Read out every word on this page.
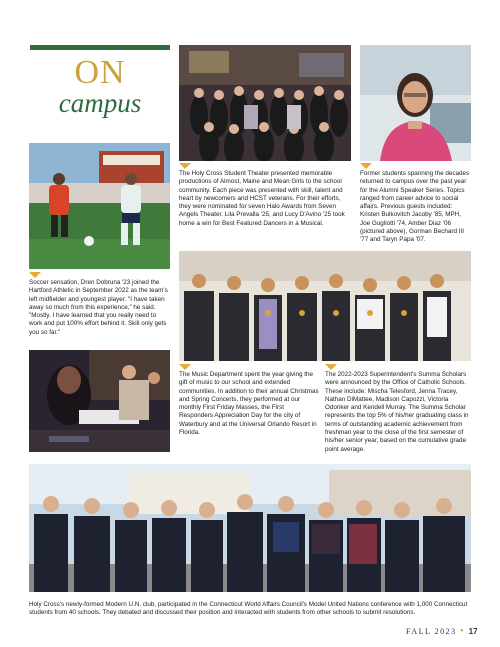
ON
campus

The Holy Cross Student Theater presented memorable productions of Almost, Maine and Mean Girls to the school community. Each piece was presented with skill, talent and heart by newcomers and HCST veterans. For their efforts, they were nominated for seven Halo Awards from Seven Angels Theater. Lila Prevalla '25, and Lucy D'Avino '25 took home a win for Best Featured Dancers in a Musical.

Former students spanning the decades returned to campus over the past year for the Alumni Speaker Series. Topics ranged from career advice to social affairs. Previous guests included: Kristen Bulkovitch Jacoby '85, MPH, Joe Gugliotti '74, Amber Diaz '06 (pictured above), Gorman Bechard III '77 and Taryn Papa '07.

Soccer sensation, Dren Dobruna '23 joined the Hartford Athletic in September 2022 as the team's left midfielder and youngest player. "I have taken away so much from this experience," he said. "Mostly, I have learned that you really need to work and put 100% effort behind it. Skill only gets you so far."

The Music Department spent the year giving the gift of music to our school and extended communities. In addition to their annual Christmas and Spring Concerts, they performed at our monthly First Friday Masses, the First Responders Appreciation Day for the city of Waterbury and at the Universal Orlando Resort in Florida.

The 2022-2023 Superintendent's Summa Scholars were announced by the Office of Catholic Schools. These include: Mischa Telesford, Jenna Tracey, Nathan DiMattee, Madison Capozzi, Victoria Odonker and Kendell Murray. The Summa Scholar represents the top 5% of his/her graduating class in terms of outstanding academic achievement from freshman year to the close of the first semester of his/her senior year, based on the cumulative grade point average.

Holy Cross's newly-formed Modern U.N. club, participated in the Connecticut World Affairs Council's Model United Nations conference with 1,000 Connecticut students from 40 schools. They debated and discussed their position and interacted with students from other schools to submit resolutions.

FALL 2023 • 17
